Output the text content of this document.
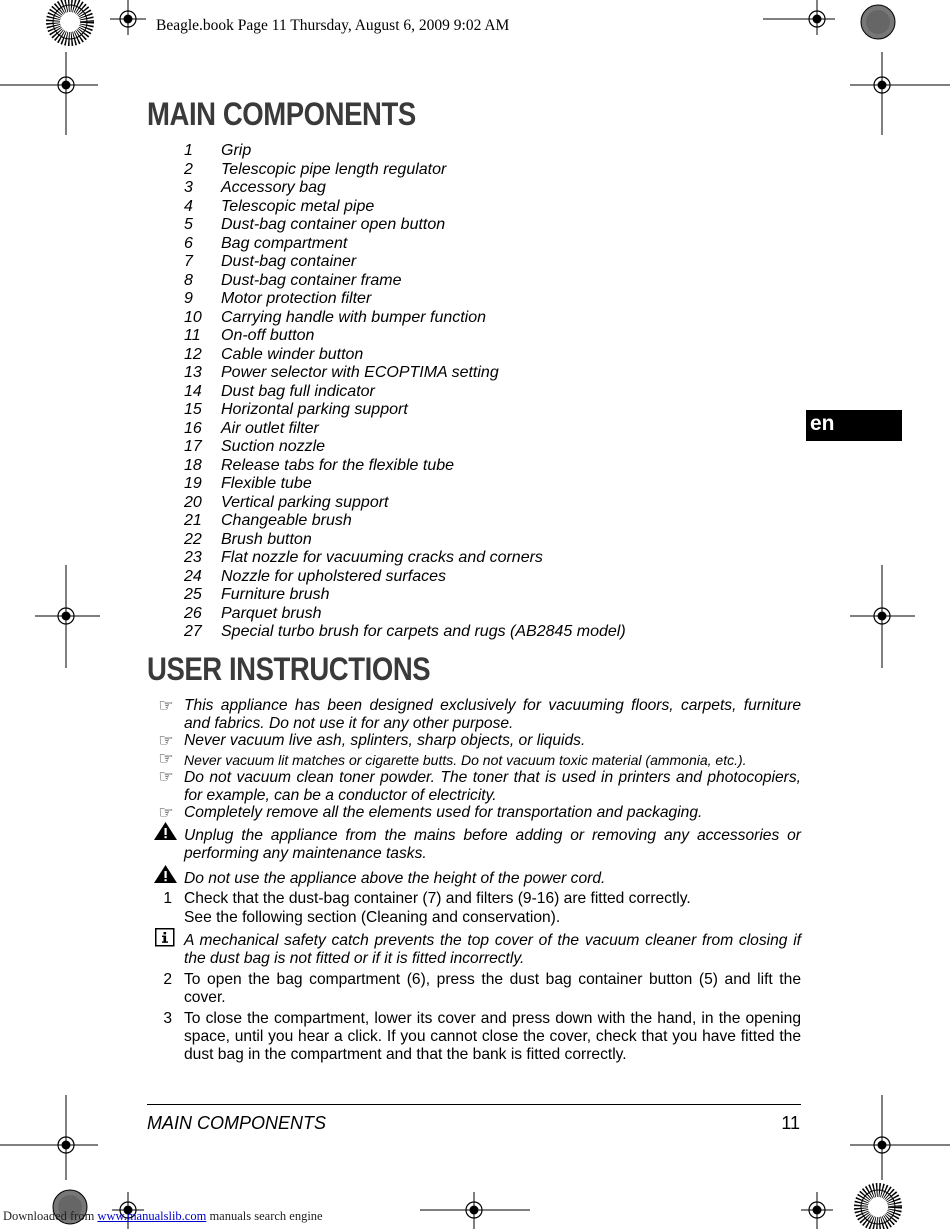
Beagle.book Page 11 Thursday, August 6, 2009 9:02 AM
MAIN COMPONENTS
1 Grip
2 Telescopic pipe length regulator
3 Accessory bag
4 Telescopic metal pipe
5 Dust-bag container open button
6 Bag compartment
7 Dust-bag container
8 Dust-bag container frame
9 Motor protection filter
10 Carrying handle with bumper function
11 On-off button
12 Cable winder button
13 Power selector with ECOPTIMA setting
14 Dust bag full indicator
15 Horizontal parking support
16 Air outlet filter
17 Suction nozzle
18 Release tabs for the flexible tube
19 Flexible tube
20 Vertical parking support
21 Changeable brush
22 Brush button
23 Flat nozzle for vacuuming cracks and corners
24 Nozzle for upholstered surfaces
25 Furniture brush
26 Parquet brush
27 Special turbo brush for carpets and rugs (AB2845 model)
en
USER INSTRUCTIONS
☞ This appliance has been designed exclusively for vacuuming floors, carpets, furniture and fabrics. Do not use it for any other purpose.
☞ Never vacuum live ash, splinters, sharp objects, or liquids.
☞ Never vacuum lit matches or cigarette butts. Do not vacuum toxic material (ammonia, etc.).
☞ Do not vacuum clean toner powder. The toner that is used in printers and photocopiers, for example, can be a conductor of electricity.
☞ Completely remove all the elements used for transportation and packaging.
Unplug the appliance from the mains before adding or removing any accessories or performing any maintenance tasks.
Do not use the appliance above the height of the power cord.
1 Check that the dust-bag container (7) and filters (9-16) are fitted correctly.
See the following section (Cleaning and conservation).
A mechanical safety catch prevents the top cover of the vacuum cleaner from closing if the dust bag is not fitted or if it is fitted incorrectly.
2 To open the bag compartment (6), press the dust bag container button (5) and lift the cover.
3 To close the compartment, lower its cover and press down with the hand, in the opening space, until you hear a click. If you cannot close the cover, check that you have fitted the dust bag in the compartment and that the bank is fitted correctly.
MAIN COMPONENTS	11
Downloaded from www.manualslib.com manuals search engine
